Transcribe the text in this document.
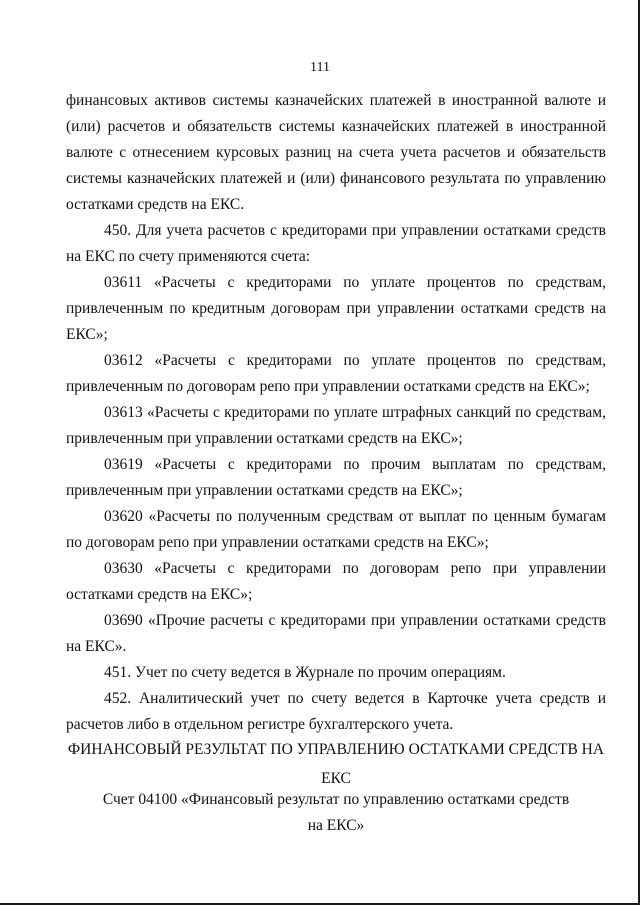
111

финансовых активов системы казначейских платежей в иностранной валюте и (или) расчетов и обязательств системы казначейских платежей в иностранной валюте с отнесением курсовых разниц на счета учета расчетов и обязательств системы казначейских платежей и (или) финансового результата по управлению остатками средств на ЕКС.

450. Для учета расчетов с кредиторами при управлении остатками средств на ЕКС по счету применяются счета:

03611 «Расчеты с кредиторами по уплате процентов по средствам, привлеченным по кредитным договорам при управлении остатками средств на ЕКС»;

03612 «Расчеты с кредиторами по уплате процентов по средствам, привлеченным по договорам репо при управлении остатками средств на ЕКС»;

03613 «Расчеты с кредиторами по уплате штрафных санкций по средствам, привлеченным при управлении остатками средств на ЕКС»;

03619 «Расчеты с кредиторами по прочим выплатам по средствам, привлеченным при управлении остатками средств на ЕКС»;

03620 «Расчеты по полученным средствам от выплат по ценным бумагам по договорам репо при управлении остатками средств на ЕКС»;

03630 «Расчеты с кредиторами по договорам репо при управлении остатками средств на ЕКС»;

03690 «Прочие расчеты с кредиторами при управлении остатками средств на ЕКС».

451. Учет по счету ведется в Журнале по прочим операциям.

452. Аналитический учет по счету ведется в Карточке учета средств и расчетов либо в отдельном регистре бухгалтерского учета.

ФИНАНСОВЫЙ РЕЗУЛЬТАТ ПО УПРАВЛЕНИЮ ОСТАТКАМИ СРЕДСТВ НА ЕКС
Счет 04100 «Финансовый результат по управлению остатками средств на ЕКС»
